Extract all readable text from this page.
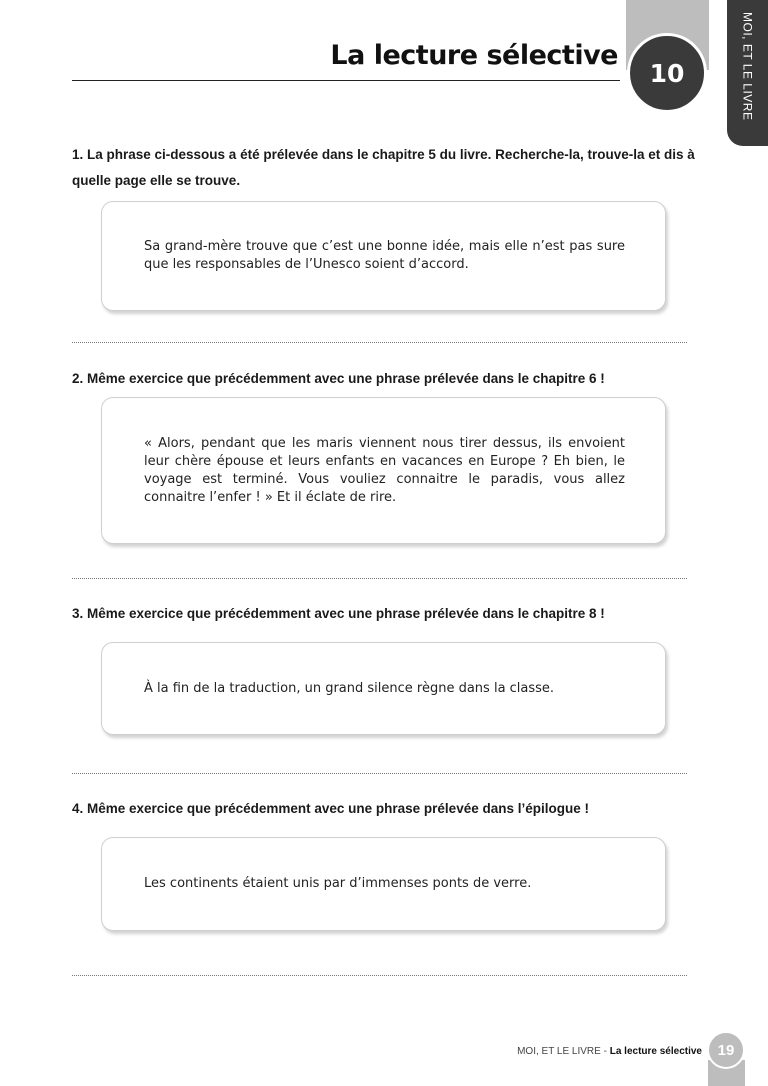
La lecture sélective
10	MOI, ET LE LIVRE

1. La phrase ci-dessous a été prélevée dans le chapitre 5 du livre. Recherche-la, trouve-la et dis à quelle page elle se trouve.

Sa grand-mère trouve que c’est une bonne idée, mais elle n’est pas sure que les responsables de l’Unesco soient d’accord.

2. Même exercice que précédemment avec une phrase prélevée dans le chapitre 6 !

« Alors, pendant que les maris viennent nous tirer dessus, ils envoient leur chère épouse et leurs enfants en vacances en Europe ? Eh bien, le voyage est terminé. Vous vouliez connaitre le paradis, vous allez connaitre l’enfer ! » Et il éclate de rire.

3. Même exercice que précédemment avec une phrase prélevée dans le chapitre 8 !

À la fin de la traduction, un grand silence règne dans la classe.

4. Même exercice que précédemment avec une phrase prélevée dans l’épilogue !

Les continents étaient unis par d’immenses ponts de verre.

MOI, ET LE LIVRE - La lecture sélective	19
